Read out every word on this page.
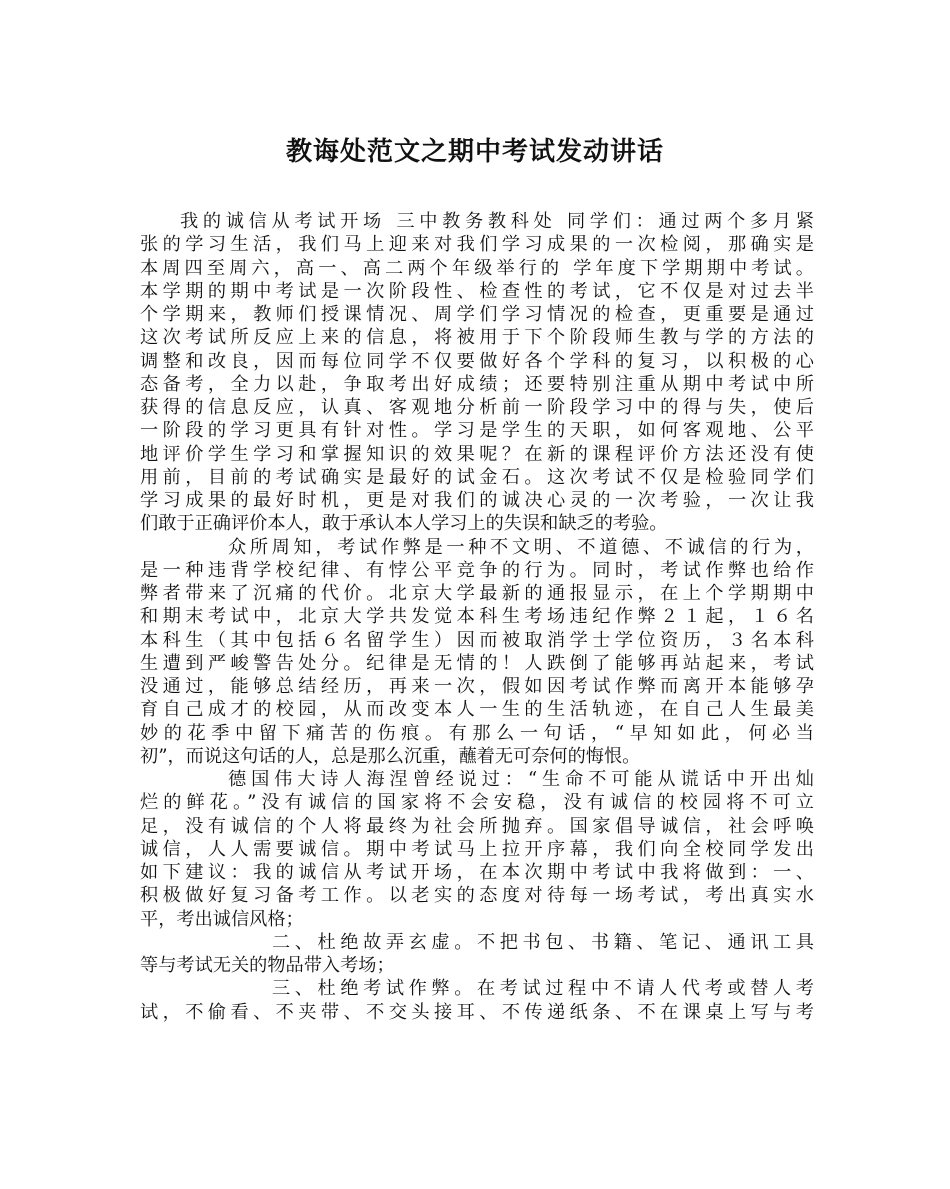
教诲处范文之期中考试发动讲话
我的诚信从考试开场 三中教务教科处 同学们：通过两个多月紧
张的学习生活，我们马上迎来对我们学习成果的一次检阅，那确实是
本周四至周六，高一、高二两个年级举行的 学年度下学期期中考试。
本学期的期中考试是一次阶段性、检查性的考试，它不仅是对过去半
个学期来，教师们授课情况、周学们学习情况的检查，更重要是通过
这次考试所反应上来的信息，将被用于下个阶段师生教与学的方法的
调整和改良，因而每位同学不仅要做好各个学科的复习，以积极的心
态备考，全力以赴，争取考出好成绩；还要特别注重从期中考试中所
获得的信息反应，认真、客观地分析前一阶段学习中的得与失，使后
一阶段的学习更具有针对性。学习是学生的天职，如何客观地、公平
地评价学生学习和掌握知识的效果呢？在新的课程评价方法还没有使
用前，目前的考试确实是最好的试金石。这次考试不仅是检验同学们
学习成果的最好时机，更是对我们的诚决心灵的一次考验，一次让我
们敢于正确评价本人，敢于承认本人学习上的失误和缺乏的考验。
众所周知，考试作弊是一种不文明、不道德、不诚信的行为，
是一种违背学校纪律、有悖公平竞争的行为。同时，考试作弊也给作
弊者带来了沉痛的代价。北京大学最新的通报显示，在上个学期期中
和期末考试中，北京大学共发觉本科生考场违纪作弊２１起，１６名
本科生（其中包括６名留学生）因而被取消学士学位资历，３名本科
生遭到严峻警告处分。纪律是无情的！人跌倒了能够再站起来，考试
没通过，能够总结经历，再来一次，假如因考试作弊而离开本能够孕
育自己成才的校园，从而改变本人一生的生活轨迹，在自己人生最美
妙的花季中留下痛苦的伤痕。有那么一句话，“早知如此，何必当
初”，而说这句话的人，总是那么沉重，蘸着无可奈何的悔恨。
德国伟大诗人海涅曾经说过：“生命不可能从谎话中开出灿
烂的鲜花。”没有诚信的国家将不会安稳，没有诚信的校园将不可立
足，没有诚信的个人将最终为社会所抛弃。国家倡导诚信，社会呼唤
诚信，人人需要诚信。期中考试马上拉开序幕，我们向全校同学发出
如下建议：我的诚信从考试开场，在本次期中考试中我将做到：一、
积极做好复习备考工作。以老实的态度对待每一场考试，考出真实水
平，考出诚信风格；
二、杜绝故弄玄虚。不把书包、书籍、笔记、通讯工具
等与考试无关的物品带入考场；
三、杜绝考试作弊。在考试过程中不请人代考或替人考
试，不偷看、不夹带、不交头接耳、不传递纸条、不在课桌上写与考
